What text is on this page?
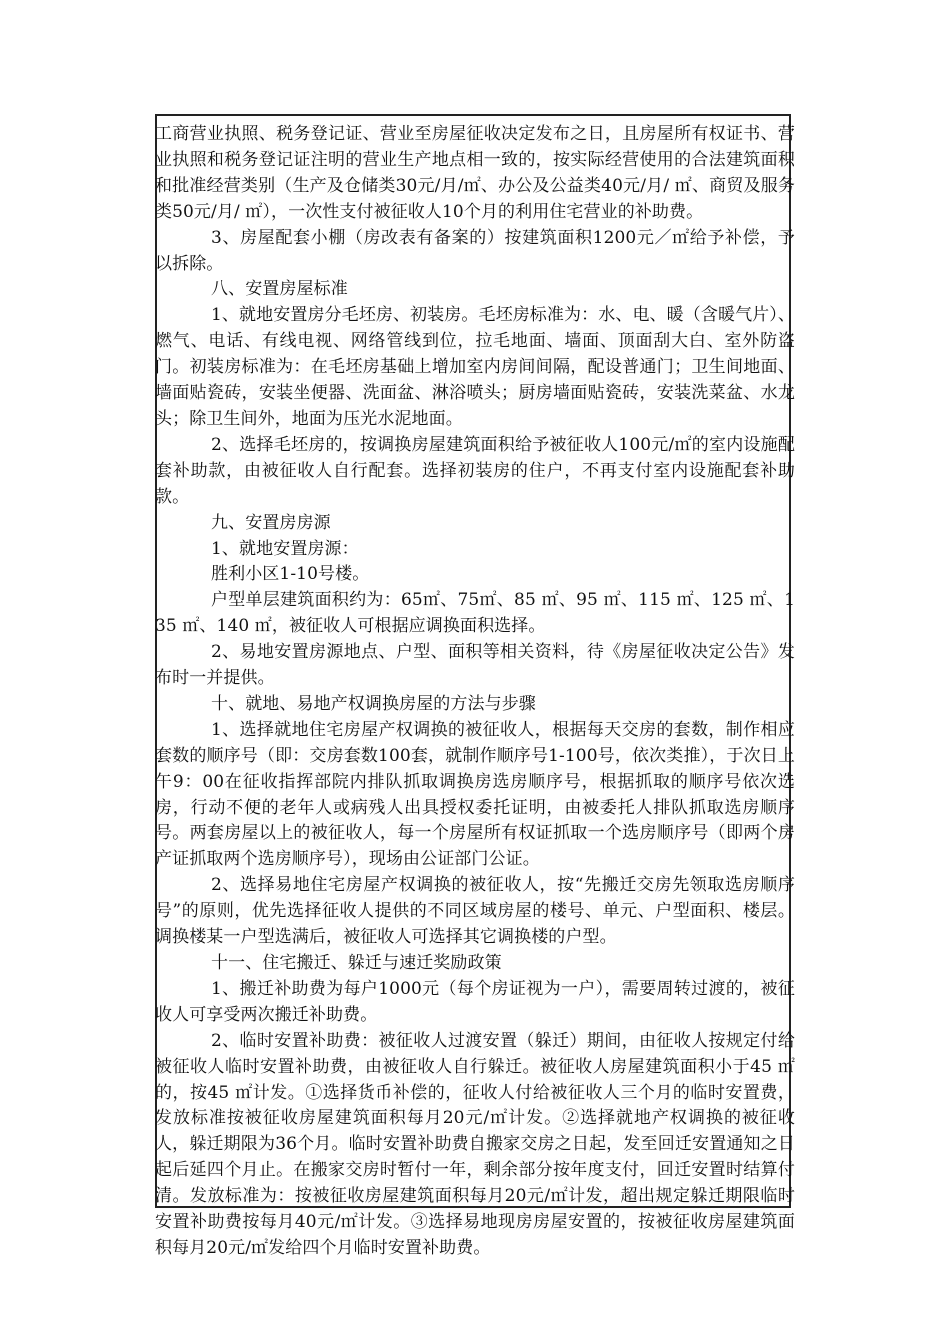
工商营业执照、税务登记证、营业至房屋征收决定发布之日，且房屋所有权证书、营业执照和税务登记证注明的营业生产地点相一致的，按实际经营使用的合法建筑面积和批准经营类别（生产及仓储类30元/月/㎡、办公及公益类40元/月/ ㎡、商贸及服务类50元/月/ ㎡），一次性支付被征收人10个月的利用住宅营业的补助费。

3、房屋配套小棚（房改表有备案的）按建筑面积1200元／㎡给予补偿，予以拆除。

八、安置房屋标准

1、就地安置房分毛坯房、初装房。毛坯房标准为：水、电、暖（含暖气片）、燃气、电话、有线电视、网络管线到位，拉毛地面、墙面、顶面刮大白、室外防盗门。初装房标准为：在毛坯房基础上增加室内房间间隔，配设普通门；卫生间地面、墙面贴瓷砖，安装坐便器、洗面盆、淋浴喷头；厨房墙面贴瓷砖，安装洗菜盆、水龙头；除卫生间外，地面为压光水泥地面。

2、选择毛坯房的，按调换房屋建筑面积给予被征收人100元/㎡的室内设施配套补助款，由被征收人自行配套。选择初装房的住户，不再支付室内设施配套补助款。

九、安置房房源

1、就地安置房源：

胜利小区1-10号楼。

户型单层建筑面积约为：65㎡、75㎡、85 ㎡、95 ㎡、115 ㎡、125 ㎡、135 ㎡、140 ㎡，被征收人可根据应调换面积选择。

2、易地安置房源地点、户型、面积等相关资料，待《房屋征收决定公告》发布时一并提供。

十、就地、易地产权调换房屋的方法与步骤

1、选择就地住宅房屋产权调换的被征收人，根据每天交房的套数，制作相应套数的顺序号（即：交房套数100套，就制作顺序号1-100号，依次类推），于次日上午9：00在征收指挥部院内排队抓取调换房选房顺序号，根据抓取的顺序号依次选房，行动不便的老年人或病残人出具授权委托证明，由被委托人排队抓取选房顺序号。两套房屋以上的被征收人，每一个房屋所有权证抓取一个选房顺序号（即两个房产证抓取两个选房顺序号），现场由公证部门公证。

2、选择易地住宅房屋产权调换的被征收人，按“先搬迁交房先领取选房顺序号”的原则，优先选择征收人提供的不同区域房屋的楼号、单元、户型面积、楼层。调换楼某一户型选满后，被征收人可选择其它调换楼的户型。

十一、住宅搬迁、躲迁与速迁奖励政策

1、搬迁补助费为每户1000元（每个房证视为一户），需要周转过渡的，被征收人可享受两次搬迁补助费。

2、临时安置补助费：被征收人过渡安置（躲迁）期间，由征收人按规定付给被征收人临时安置补助费，由被征收人自行躲迁。被征收人房屋建筑面积小于45 ㎡的，按45 ㎡计发。①选择货币补偿的，征收人付给被征收人三个月的临时安置费，发放标准按被征收房屋建筑面积每月20元/㎡计发。②选择就地产权调换的被征收人，躲迁期限为36个月。临时安置补助费自搬家交房之日起，发至回迁安置通知之日起后延四个月止。在搬家交房时暂付一年，剩余部分按年度支付，回迁安置时结算付清。发放标准为：按被征收房屋建筑面积每月20元/㎡计发，超出规定躲迁期限临时安置补助费按每月40元/㎡计发。③选择易地现房房屋安置的，按被征收房屋建筑面积每月20元/㎡发给四个月临时安置补助费。
